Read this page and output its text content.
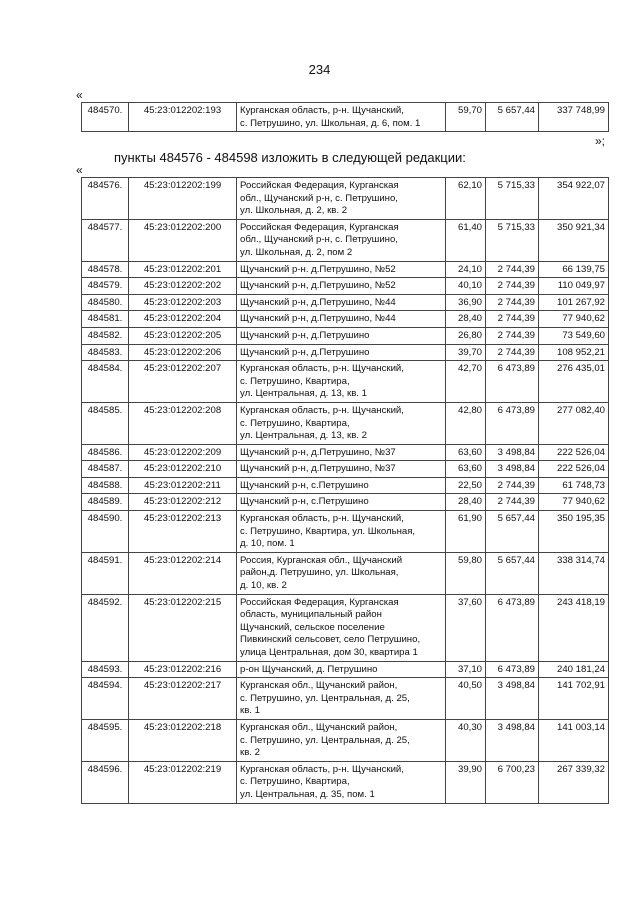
234
«
484570.	45:23:012202:193	Курганская область, р-н. Щучанский,
с. Петрушино, ул. Школьная, д. 6, пом. 1	59,70	5 657,44	337 748,99
»;
пункты 484576 - 484598 изложить в следующей редакции:
«
484576.	45:23:012202:199	Российская Федерация, Курганская
обл., Щучанский р-н, с. Петрушино,
ул. Школьная, д. 2, кв. 2	62,10	5 715,33	354 922,07
484577.	45:23:012202:200	Российская Федерация, Курганская
обл., Щучанский р-н, с. Петрушино,
ул. Школьная, д. 2, пом 2	61,40	5 715,33	350 921,34
484578.	45:23:012202:201	Щучанский р-н. д.Петрушино, №52	24,10	2 744,39	66 139,75
484579.	45:23:012202:202	Щучанский р-н, д.Петрушино, №52	40,10	2 744,39	110 049,97
484580.	45:23:012202:203	Щучанский р-н, д.Петрушино, №44	36,90	2 744,39	101 267,92
484581.	45:23:012202:204	Щучанский р-н, д.Петрушино, №44	28,40	2 744,39	77 940,62
484582.	45:23:012202:205	Щучанский р-н, д.Петрушино	26,80	2 744,39	73 549,60
484583.	45:23:012202:206	Щучанский р-н, д.Петрушино	39,70	2 744,39	108 952,21
484584.	45:23:012202:207	Курганская область, р-н. Щучанский,
с. Петрушино, Квартира,
ул. Центральная, д. 13, кв. 1	42,70	6 473,89	276 435,01
484585.	45:23:012202:208	Курганская область, р-н. Щучанский,
с. Петрушино, Квартира,
ул. Центральная, д. 13, кв. 2	42,80	6 473,89	277 082,40
484586.	45:23:012202:209	Щучанский р-н, д.Петрушино, №37	63,60	3 498,84	222 526,04
484587.	45:23:012202:210	Щучанский р-н, д.Петрушино, №37	63,60	3 498,84	222 526,04
484588.	45:23:012202:211	Щучанский р-н, с.Петрушино	22,50	2 744,39	61 748,73
484589.	45:23:012202:212	Щучанский р-н, с.Петрушино	28,40	2 744,39	77 940,62
484590.	45:23:012202:213	Курганская область, р-н. Щучанский,
с. Петрушино, Квартира, ул. Школьная,
д. 10, пом. 1	61,90	5 657,44	350 195,35
484591.	45:23:012202:214	Россия, Курганская обл., Щучанский
район,д. Петрушино, ул. Школьная,
д. 10, кв. 2	59,80	5 657,44	338 314,74
484592.	45:23:012202:215	Российская Федерация, Курганская
область, муниципальный район
Щучанский, сельское поселение
Пивкинский сельсовет, село Петрушино,
улица Центральная, дом 30, квартира 1	37,60	6 473,89	243 418,19
484593.	45:23:012202:216	р-он Щучанский, д. Петрушино	37,10	6 473,89	240 181,24
484594.	45:23:012202:217	Курганская обл., Щучанский район,
с. Петрушино, ул. Центральная, д. 25,
кв. 1	40,50	3 498,84	141 702,91
484595.	45:23:012202:218	Курганская обл., Щучанский район,
с. Петрушино, ул. Центральная, д. 25,
кв. 2	40,30	3 498,84	141 003,14
484596.	45:23:012202:219	Курганская область, р-н. Щучанский,
с. Петрушино, Квартира,
ул. Центральная, д. 35, пом. 1	39,90	6 700,23	267 339,32
